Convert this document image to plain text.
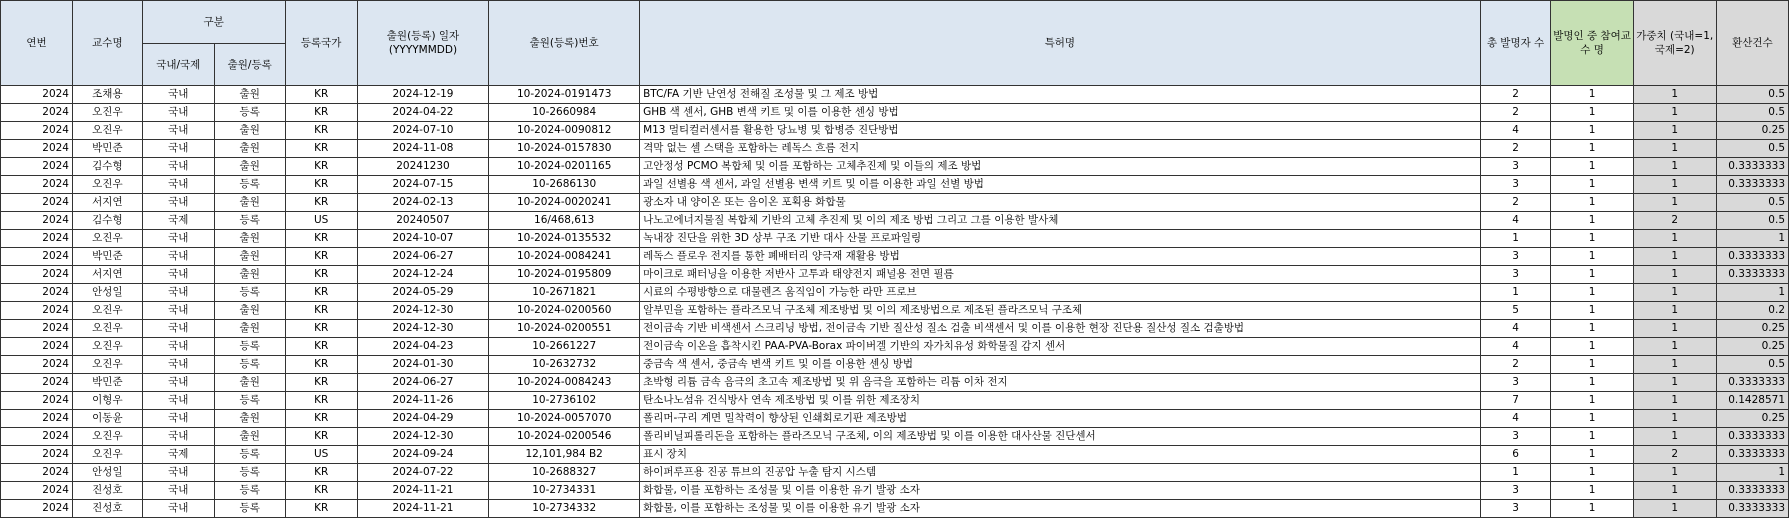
연번	교수명	구분		등록국가	출원(등록) 일자
(YYYYMMDD)	출원(등록)번호	특허명	총 발명자 수	발명인 중 참여교수 명	가중치 (국내=1, 국제=2)	환산건수
		국내/국제	출원/등록								
2024	조채용	국내	출원	KR	2024-12-19	10-2024-0191473	BTC/FA 기반 난연성 전해질 조성물 및 그 제조 방법	2	1	1	0.5
2024	오진우	국내	등록	KR	2024-04-22	10-2660984	GHB 색 센서, GHB 변색 키트 및 이를 이용한 센싱 방법	2	1	1	0.5
2024	오진우	국내	출원	KR	2024-07-10	10-2024-0090812	M13 멀티컬러센서를 활용한 당뇨병 및 합병증 진단방법	4	1	1	0.25
2024	박민준	국내	출원	KR	2024-11-08	10-2024-0157830	격막 없는 셀 스택을 포함하는 레독스 흐름 전지	2	1	1	0.5
2024	김수형	국내	출원	KR	20241230	10-2024-0201165	고안정성 PCMO 복합체 및 이를 포함하는 고체추진제 및 이들의 제조 방법	3	1	1	0.3333333
2024	오진우	국내	등록	KR	2024-07-15	10-2686130	과일 선별용 색 센서, 과일 선별용 변색 키트 및 이를 이용한 과일 선별 방법	3	1	1	0.3333333
2024	서지연	국내	출원	KR	2024-02-13	10-2024-0020241	광소자 내 양이온 또는 음이온 포획용 화합물	2	1	1	0.5
2024	김수형	국제	등록	US	20240507	16/468,613	나노고에너지물질 복합체 기반의 고체 추진제 및 이의 제조 방법 그리고 그를 이용한 발사체	4	1	2	0.5
2024	오진우	국내	출원	KR	2024-10-07	10-2024-0135532	녹내장 진단을 위한 3D 상부 구조 기반 대사 산물 프로파일링	1	1	1	1
2024	박민준	국내	출원	KR	2024-06-27	10-2024-0084241	레독스 플로우 전지를 통한 폐배터리 양극재 재활용 방법	3	1	1	0.3333333
2024	서지연	국내	출원	KR	2024-12-24	10-2024-0195809	마이크로 패터닝을 이용한 저반사 고투과 태양전지 패널용 전면 필름	3	1	1	0.3333333
2024	안성일	국내	등록	KR	2024-05-29	10-2671821	시료의 수평방향으로 대물렌즈 움직임이 가능한 라만 프로브	1	1	1	1
2024	오진우	국내	출원	KR	2024-12-30	10-2024-0200560	알부민을 포함하는 플라즈모닉 구조체 제조방법 및 이의 제조방법으로 제조된 플라즈모닉 구조체	5	1	1	0.2
2024	오진우	국내	출원	KR	2024-12-30	10-2024-0200551	전이금속 기반 비색센서 스크리닝 방법, 전이금속 기반 질산성 질소 검출 비색센서 및 이를 이용한 현장 진단용 질산성 질소 검출방법	4	1	1	0.25
2024	오진우	국내	등록	KR	2024-04-23	10-2661227	전이금속 이온을 흡착시킨 PAA-PVA-Borax 파이버겔 기반의 자가치유성 화학물질 감지 센서	4	1	1	0.25
2024	오진우	국내	등록	KR	2024-01-30	10-2632732	중금속 색 센서, 중금속 변색 키트 및 이를 이용한 센싱 방법	2	1	1	0.5
2024	박민준	국내	출원	KR	2024-06-27	10-2024-0084243	초박형 리튬 금속 음극의 초고속 제조방법 및 위 음극을 포함하는 리튬 이차 전지	3	1	1	0.3333333
2024	이형우	국내	등록	KR	2024-11-26	10-2736102	탄소나노섬유 건식방사 연속 제조방법 및 이를 위한 제조장치	7	1	1	0.1428571
2024	이동윤	국내	출원	KR	2024-04-29	10-2024-0057070	폴리머-구리 계면 밀착력이 향상된 인쇄회로기판 제조방법	4	1	1	0.25
2024	오진우	국내	출원	KR	2024-12-30	10-2024-0200546	폴리비닐피롤리돈을 포함하는 플라즈모닉 구조체, 이의 제조방법 및 이를 이용한 대사산물 진단센서	3	1	1	0.3333333
2024	오진우	국제	등록	US	2024-09-24	12,101,984 B2	표시 장치	6	1	2	0.3333333
2024	안성일	국내	등록	KR	2024-07-22	10-2688327	하이퍼루프용 진공 튜브의 진공압 누출 탐지 시스템	1	1	1	1
2024	진성호	국내	등록	KR	2024-11-21	10-2734331	화합물, 이를 포함하는 조성물 및 이를 이용한 유기 발광 소자	3	1	1	0.3333333
2024	진성호	국내	등록	KR	2024-11-21	10-2734332	화합물, 이를 포함하는 조성물 및 이를 이용한 유기 발광 소자	3	1	1	0.3333333
